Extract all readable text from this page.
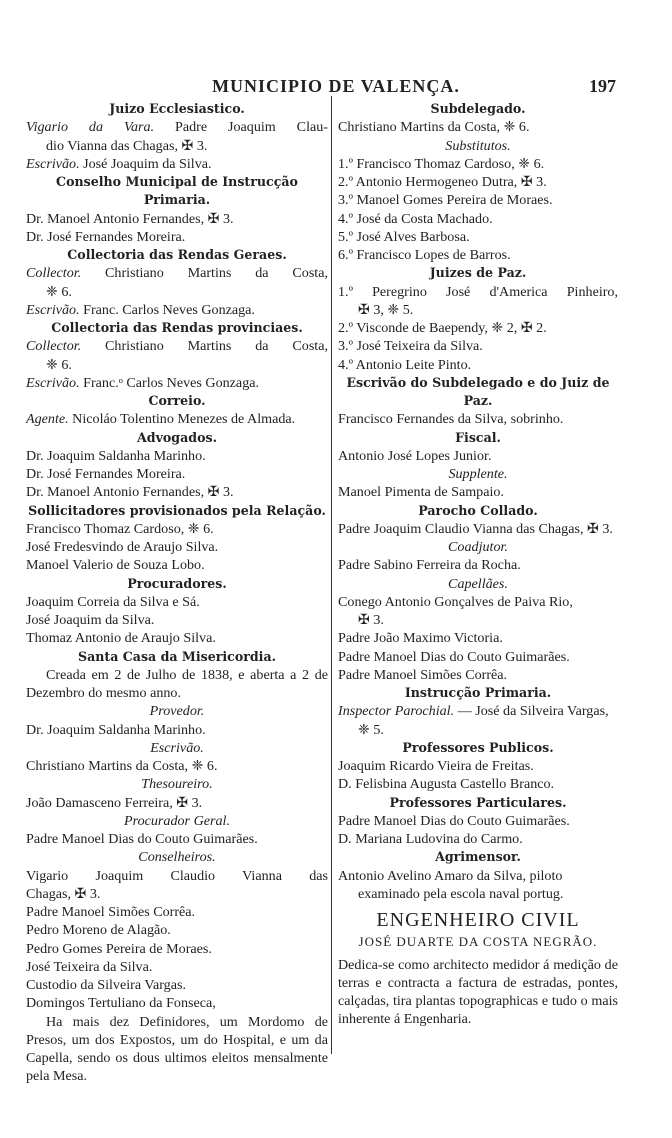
MUNICIPIO DE VALENÇA.	197
Juizo Ecclesiastico.
Vigario da Vara. Padre Joaquim Clau-
dio Vianna das Chagas, ✠ 3.
Escrivão. José Joaquim da Silva.
Conselho Municipal de Instrucção Primaria.
Dr. Manoel Antonio Fernandes, ✠ 3.
Dr. José Fernandes Moreira.
Collectoria das Rendas Geraes.
Collector. Christiano Martins da Costa,
❈ 6.
Escrivão. Franc. Carlos Neves Gonzaga.
Collectoria das Rendas provinciaes.
Collector. Christiano Martins da Costa,
❈ 6.
Escrivão. Franc.ᵒ Carlos Neves Gonzaga.
Correio.
Agente. Nicoláo Tolentino Menezes de Almada.
Advogados.
Dr. Joaquim Saldanha Marinho.
Dr. José Fernandes Moreira.
Dr. Manoel Antonio Fernandes, ✠ 3.
Sollicitadores provisionados pela Relação.
Francisco Thomaz Cardoso, ❈ 6.
José Fredesvindo de Araujo Silva.
Manoel Valerio de Souza Lobo.
Procuradores.
Joaquim Correia da Silva e Sá.
José Joaquim da Silva.
Thomaz Antonio de Araujo Silva.
Santa Casa da Misericordia.
Creada em 2 de Julho de 1838, e aberta a 2 de Dezembro do mesmo anno.
Provedor.
Dr. Joaquim Saldanha Marinho.
Escrivão.
Christiano Martins da Costa, ❈ 6.
Thesoureiro.
João Damasceno Ferreira, ✠ 3.
Procurador Geral.
Padre Manoel Dias do Couto Guimarães.
Conselheiros.
Vigario Joaquim Claudio Vianna das
Chagas, ✠ 3.
Padre Manoel Simões Corrêa.
Pedro Moreno de Alagão.
Pedro Gomes Pereira de Moraes.
José Teixeira da Silva.
Custodio da Silveira Vargas.
Domingos Tertuliano da Fonseca,
Ha mais dez Definidores, um Mordomo de Presos, um dos Expostos, um do Hospital, e um da Capella, sendo os dous ultimos eleitos mensalmente pela Mesa.
Subdelegado.
Christiano Martins da Costa, ❈ 6.
Substitutos.
1.º Francisco Thomaz Cardoso, ❈ 6.
2.º Antonio Hermogeneo Dutra, ✠ 3.
3.º Manoel Gomes Pereira de Moraes.
4.º José da Costa Machado.
5.º José Alves Barbosa.
6.º Francisco Lopes de Barros.
Juizes de Paz.
1.º Peregrino José d'America Pinheiro,
✠ 3, ❈ 5.
2.º Visconde de Baependy, ❈ 2, ✠ 2.
3.º José Teixeira da Silva.
4.º Antonio Leite Pinto.
Escrivão do Subdelegado e do Juiz de Paz.
Francisco Fernandes da Silva, sobrinho.
Fiscal.
Antonio José Lopes Junior.
Supplente.
Manoel Pimenta de Sampaio.
Parocho Collado.
Padre Joaquim Claudio Vianna das Chagas, ✠ 3.
Coadjutor.
Padre Sabino Ferreira da Rocha.
Capellães.
Conego Antonio Gonçalves de Paiva Rio,
✠ 3.
Padre João Maximo Victoria.
Padre Manoel Dias do Couto Guimarães.
Padre Manoel Simões Corrêa.
Instrucção Primaria.
Inspector Parochial. — José da Silveira Vargas, ❈ 5.
Professores Publicos.
Joaquim Ricardo Vieira de Freitas.
D. Felisbina Augusta Castello Branco.
Professores Particulares.
Padre Manoel Dias do Couto Guimarães.
D. Mariana Ludovina do Carmo.
Agrimensor.
Antonio Avelino Amaro da Silva, piloto examinado pela escola naval portug.
ENGENHEIRO CIVIL
JOSÉ DUARTE DA COSTA NEGRÃO.
Dedica-se como architecto medidor á medição de terras e contracta a factura de estradas, pontes, calçadas, tira plantas topographicas e tudo o mais inherente á Engenharia.
